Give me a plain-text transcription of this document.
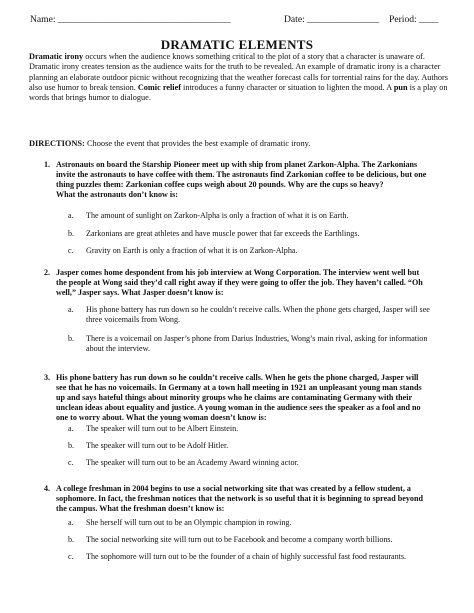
Name: ____________________________________	Date: _______________ Period: ____
DRAMATIC ELEMENTS
Dramatic irony occurs when the audience knows something critical to the plot of a story that a character is unaware of. Dramatic irony creates tension as the audience waits for the truth to be revealed. An example of dramatic irony is a character planning an elaborate outdoor picnic without recognizing that the weather forecast calls for torrential rains for the day. Authors also use humor to break tension. Comic relief introduces a funny character or situation to lighten the mood. A pun is a play on words that brings humor to dialogue.
DIRECTIONS: Choose the event that provides the best example of dramatic irony.
1. Astronauts on board the Starship Pioneer meet up with ship from planet Zarkon-Alpha. The Zarkonians
invite the astronauts to have coffee with them. The astronauts find Zarkonian coffee to be delicious, but one
thing puzzles them: Zarkonian coffee cups weigh about 20 pounds. Why are the cups so heavy?
What the astronauts don’t know is:
a. The amount of sunlight on Zarkon-Alpha is only a fraction of what it is on Earth.
b. Zarkonians are great athletes and have muscle power that far exceeds the Earthlings.
c. Gravity on Earth is only a fraction of what it is on Zarkon-Alpha.
2. Jasper comes home despondent from his job interview at Wong Corporation. The interview went well but
the people at Wong said they’d call right away if they were going to offer the job. They haven’t called. “Oh
well,” Jasper says. What Jasper doesn’t know is:
a. His phone battery has run down so he couldn’t receive calls. When the phone gets charged, Jasper will see
three voicemails from Wong.
b. There is a voicemail on Jasper’s phone from Darius Industries, Wong’s main rival, asking for information
about the interview.
3. His phone battery has run down so he couldn’t receive calls. When he gets the phone charged, Jasper will
see that he has no voicemails. In Germany at a town hall meeting in 1921 an unpleasant young man stands
up and says hateful things about minority groups who he claims are contaminating Germany with their
unclean ideas about equality and justice. A young woman in the audience sees the speaker as a fool and no
one to worry about. What the young woman doesn’t know is:
a. The speaker will turn out to be Albert Einstein.
b. The speaker will turn out to be Adolf Hitler.
c. The speaker will turn out to be an Academy Award winning actor.
4. A college freshman in 2004 begins to use a social networking site that was created by a fellow student, a
sophomore. In fact, the freshman notices that the network is so useful that it is beginning to spread beyond
the campus. What the freshman doesn’t know is:
a. She herself will turn out to be an Olympic champion in rowing.
b. The social networking site will turn out to be Facebook and become a company worth billions.
c. The sophomore will turn out to be the founder of a chain of highly successful fast food restaurants.
